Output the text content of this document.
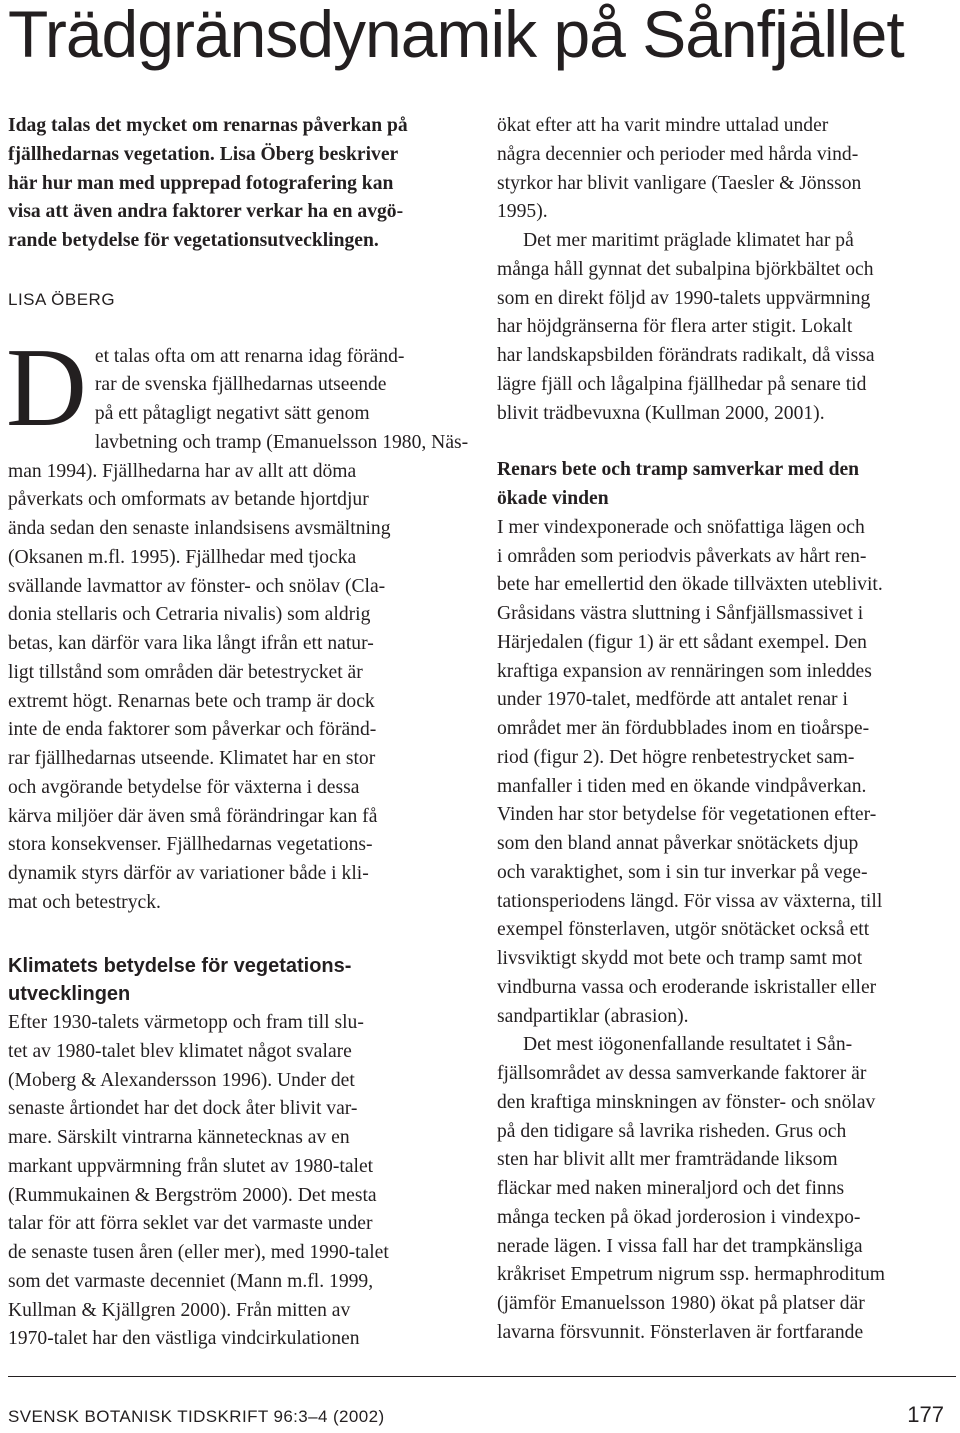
Trädgränsdynamik på Sånfjället
Idag talas det mycket om renarnas påverkan på
fjällhedarnas vegetation. Lisa Öberg beskriver
här hur man med upprepad fotografering kan
visa att även andra faktorer verkar ha en avgö-
rande betydelse för vegetationsutvecklingen.
LISA ÖBERG
D et talas ofta om att renarna idag föränd-
rar de svenska fjällhedarnas utseende
på ett påtagligt negativt sätt genom
lavbetning och tramp (Emanuelsson 1980, Näs-
man 1994). Fjällhedarna har av allt att döma
påverkats och omformats av betande hjortdjur
ända sedan den senaste inlandsisens avsmältning
(Oksanen m.fl. 1995). Fjällhedar med tjocka
svällande lavmattor av fönster- och snölav (Cla-
donia stellaris och Cetraria nivalis) som aldrig
betas, kan därför vara lika långt ifrån ett natur-
ligt tillstånd som områden där betestrycket är
extremt högt. Renarnas bete och tramp är dock
inte de enda faktorer som påverkar och föränd-
rar fjällhedarnas utseende. Klimatet har en stor
och avgörande betydelse för växterna i dessa
kärva miljöer där även små förändringar kan få
stora konsekvenser. Fjällhedarnas vegetations-
dynamik styrs därför av variationer både i kli-
mat och betestryck.
Klimatets betydelse för vegetations-
utvecklingen
Efter 1930-talets värmetopp och fram till slu-
tet av 1980-talet blev klimatet något svalare
(Moberg & Alexandersson 1996). Under det
senaste årtiondet har det dock åter blivit var-
mare. Särskilt vintrarna kännetecknas av en
markant uppvärmning från slutet av 1980-talet
(Rummukainen & Bergström 2000). Det mesta
talar för att förra seklet var det varmaste under
de senaste tusen åren (eller mer), med 1990-talet
som det varmaste decenniet (Mann m.fl. 1999,
Kullman & Kjällgren 2000). Från mitten av
1970-talet har den västliga vindcirkulationen
ökat efter att ha varit mindre uttalad under
några decennier och perioder med hårda vind-
styrkor har blivit vanligare (Taesler & Jönsson
1995).
Det mer maritimt präglade klimatet har på
många håll gynnat det subalpina björkbältet och
som en direkt följd av 1990-talets uppvärmning
har höjdgränserna för flera arter stigit. Lokalt
har landskapsbilden förändrats radikalt, då vissa
lägre fjäll och lågalpina fjällhedar på senare tid
blivit trädbevuxna (Kullman 2000, 2001).
Renars bete och tramp samverkar med den
ökade vinden
I mer vindexponerade och snöfattiga lägen och
i områden som periodvis påverkats av hårt ren-
bete har emellertid den ökade tillväxten uteblivit.
Gråsidans västra sluttning i Sånfjällsmassivet i
Härjedalen (figur 1) är ett sådant exempel. Den
kraftiga expansion av rennäringen som inleddes
under 1970-talet, medförde att antalet renar i
området mer än fördubblades inom en tioårspe-
riod (figur 2). Det högre renbetestrycket sam-
manfaller i tiden med en ökande vindpåverkan.
Vinden har stor betydelse för vegetationen efter-
som den bland annat påverkar snötäckets djup
och varaktighet, som i sin tur inverkar på vege-
tationsperiodens längd. För vissa av växterna, till
exempel fönsterlaven, utgör snötäcket också ett
livsviktigt skydd mot bete och tramp samt mot
vindburna vassa och eroderande iskristaller eller
sandpartiklar (abrasion).
Det mest iögonenfallande resultatet i Sån-
fjällsområdet av dessa samverkande faktorer är
den kraftiga minskningen av fönster- och snölav
på den tidigare så lavrika risheden. Grus och
sten har blivit allt mer framträdande liksom
fläckar med naken mineraljord och det finns
många tecken på ökad jorderosion i vindexpo-
nerade lägen. I vissa fall har det trampkänsliga
kråkriset Empetrum nigrum ssp. hermaphroditum
(jämför Emanuelsson 1980) ökat på platser där
lavarna försvunnit. Fönsterlaven är fortfarande
SVENSK BOTANISK TIDSKRIFT 96:3–4 (2002)	177
